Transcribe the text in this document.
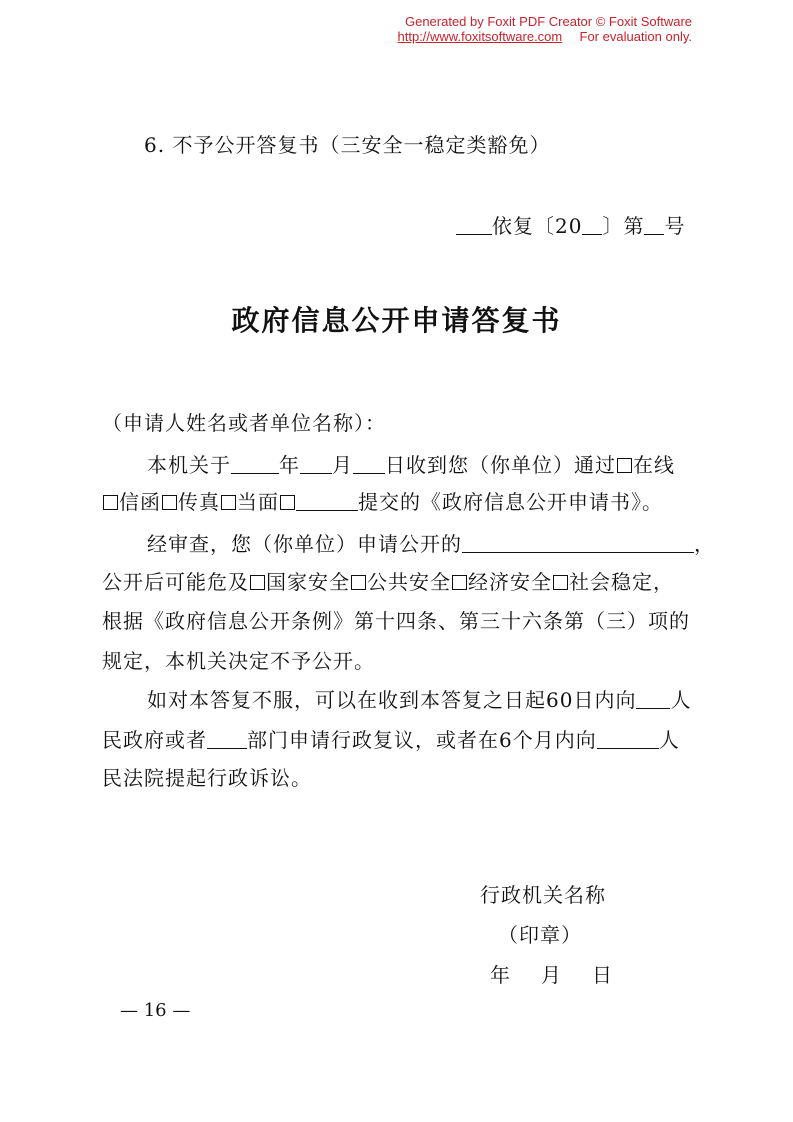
Generated by Foxit PDF Creator © Foxit Software
http://www.foxitsoftware.com For evaluation only.
6. 不予公开答复书（三安全一稳定类豁免）
依复〔20 〕第 号
政府信息公开申请答复书
（申请人姓名或者单位名称）：
本机关于 年 月 日收到您（你单位）通过 在线
信函 传真 当面	提交的《政府信息公开申请书》。
经审查，您（你单位）申请公开的	，
公开后可能危及 国家安全 公共安全 经济安全 社会稳定，
根据《政府信息公开条例》第十四条、第三十六条第（三）项的
规定，本机关决定不予公开。
如对本答复不服，可以在收到本答复之日起60日内向 人
民政府或者 部门申请行政复议，或者在6个月内向	人
民法院提起行政诉讼。
行政机关名称
（印章）
年 月 日
— 16 —
